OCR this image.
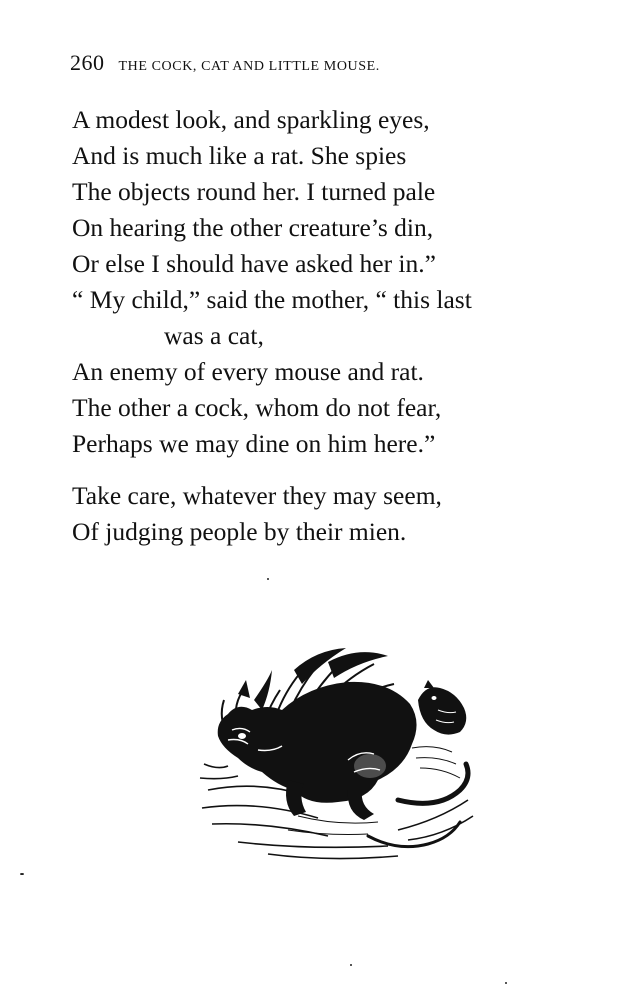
260 THE COCK, CAT AND LITTLE MOUSE.
A modest look, and sparkling eyes,
And is much like a rat. She spies
The objects round her. I turned pale
On hearing the other creature’s din,
Or else I should have asked her in.”
“ My child,” said the mother, “ this last
was a cat,
An enemy of every mouse and rat.
The other a cock, whom do not fear,
Perhaps we may dine on him here.”
Take care, whatever they may seem,
Of judging people by their mien.
